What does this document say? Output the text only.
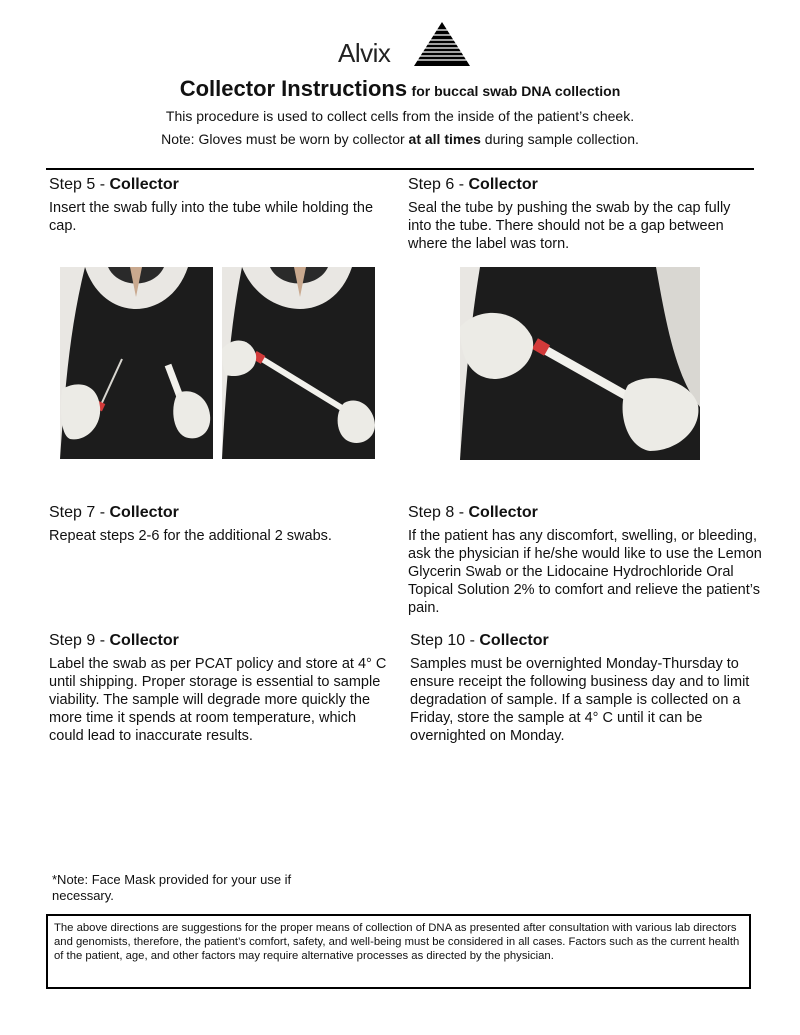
Alvix
Collector Instructions for buccal swab DNA collection
This procedure is used to collect cells from the inside of the patient’s cheek.
Note: Gloves must be worn by collector at all times during sample collection.
Step 5 - Collector
Insert the swab fully into the tube while holding the cap.
Step 6 - Collector
Seal the tube by pushing the swab by the cap fully into the tube. There should not be a gap between where the label was torn.
Step 7 - Collector
Repeat steps 2-6 for the additional 2 swabs.
Step 8 - Collector
If the patient has any discomfort, swelling, or bleeding, ask the physician if he/she would like to use the Lemon Glycerin Swab or the Lidocaine Hydrochloride Oral Topical Solution 2% to comfort and relieve the patient’s pain.
Step 9 - Collector
Label the swab as per PCAT policy and store at 4° C until shipping. Proper storage is essential to sample viability. The sample will degrade more quickly the more time it spends at room temperature, which could lead to inaccurate results.
Step 10 - Collector
Samples must be overnighted Monday-Thursday to ensure receipt the following business day and to limit degradation of sample. If a sample is collected on a Friday, store the sample at 4° C until it can be overnighted on Monday.
*Note: Face Mask provided for your use if necessary.
The above directions are suggestions for the proper means of collection of DNA as presented after consultation with various lab directors and genomists, therefore, the patient’s comfort, safety, and well-being must be considered in all cases. Factors such as the current health of the patient, age, and other factors may require alternative processes as directed by the physician.
